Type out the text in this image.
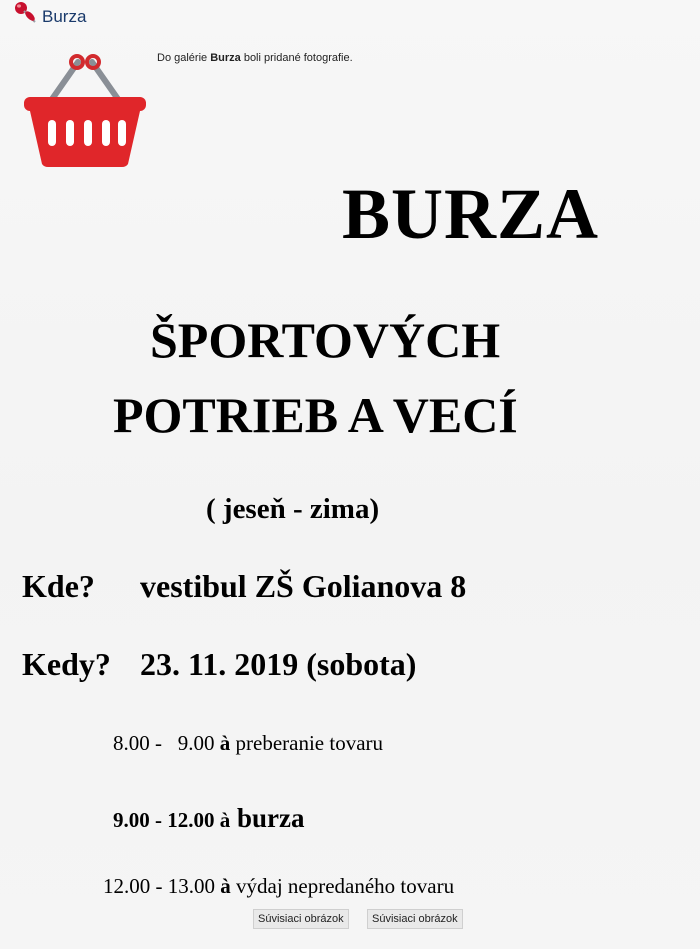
Burza
Do galérie Burza boli pridané fotografie.
BURZA
ŠPORTOVÝCH
POTRIEB A VECÍ
( jeseň - zima)
Kde? vestibul ZŠ Golianova 8
Kedy? 23. 11. 2019 (sobota)
8.00 -   9.00 à preberanie tovaru
9.00 - 12.00 à burza
12.00 - 13.00 à výdaj nepredaného tovaru
Súvisiaci obrázok	Súvisiaci obrázok
